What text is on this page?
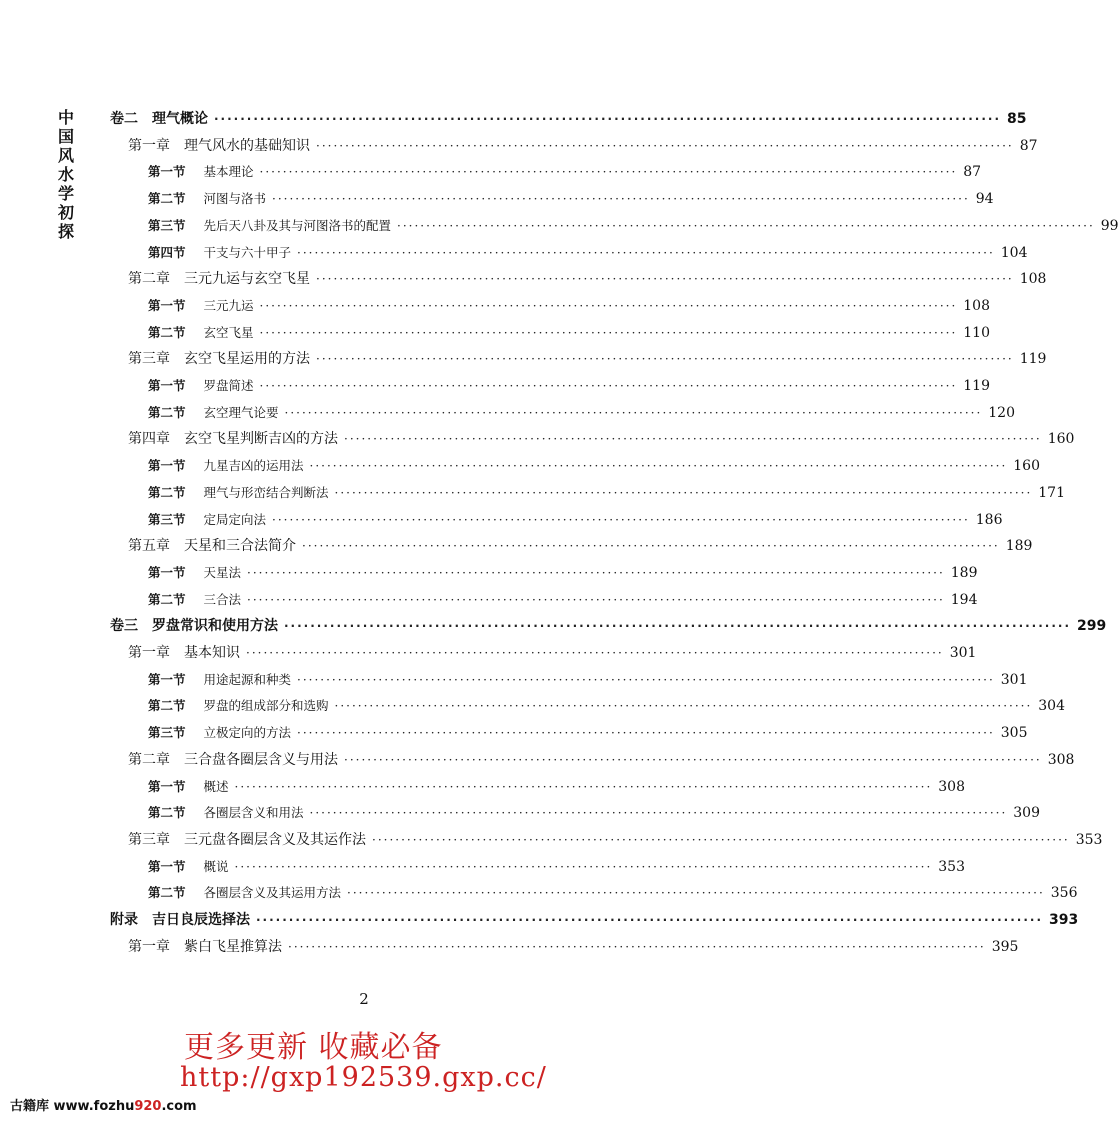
中
国
风
水
学
初
探
卷二 理气概论 ························································································································ 85
第一章 理气风水的基础知识 ························································································································ 87
第一节 基本理论 ························································································································ 87
第二节 河图与洛书 ························································································································ 94
第三节 先后天八卦及其与河图洛书的配置 ························································································································ 99
第四节 干支与六十甲子 ························································································································ 104
第二章 三元九运与玄空飞星 ························································································································ 108
第一节 三元九运 ························································································································ 108
第二节 玄空飞星 ························································································································ 110
第三章 玄空飞星运用的方法 ························································································································ 119
第一节 罗盘简述 ························································································································ 119
第二节 玄空理气论要 ························································································································ 120
第四章 玄空飞星判断吉凶的方法 ························································································································ 160
第一节 九星吉凶的运用法 ························································································································ 160
第二节 理气与形峦结合判断法 ························································································································ 171
第三节 定局定向法 ························································································································ 186
第五章 天星和三合法简介 ························································································································ 189
第一节 天星法 ························································································································ 189
第二节 三合法 ························································································································ 194
卷三 罗盘常识和使用方法 ························································································································ 299
第一章 基本知识 ························································································································ 301
第一节 用途起源和种类 ························································································································ 301
第二节 罗盘的组成部分和选购 ························································································································ 304
第三节 立极定向的方法 ························································································································ 305
第二章 三合盘各圈层含义与用法 ························································································································ 308
第一节 概述 ························································································································ 308
第二节 各圈层含义和用法 ························································································································ 309
第三章 三元盘各圈层含义及其运作法 ························································································································ 353
第一节 概说 ························································································································ 353
第二节 各圈层含义及其运用方法 ························································································································ 356
附录 吉日良辰选择法 ························································································································ 393
第一章 紫白飞星推算法 ························································································································ 395
2
更多更新 收藏必备
http://gxp192539.gxp.cc/
古籍库 www.fozhu920.com
